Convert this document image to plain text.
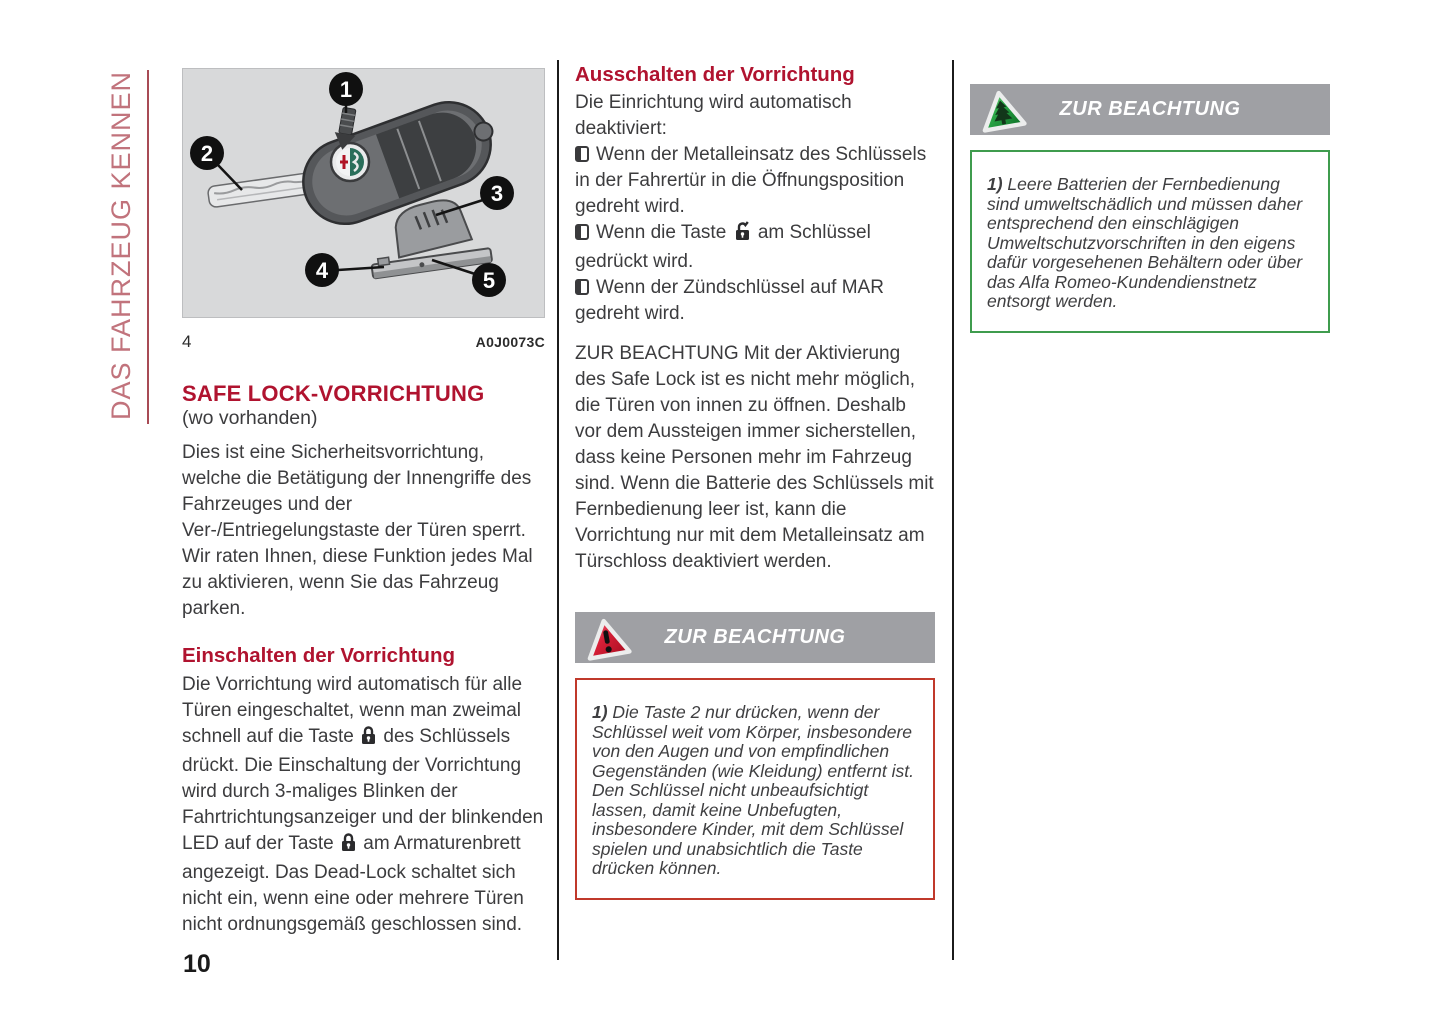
DAS FAHRZEUG KENNEN	1
2
3
4	5
4	A0J0073C
SAFE LOCK-VORRICHTUNG
(wo vorhanden)

Dies ist eine Sicherheitsvorrichtung, welche die Betätigung der Innengriffe des Fahrzeuges und der Ver-/Entriegelungstaste der Türen sperrt. Wir raten Ihnen, diese Funktion jedes Mal zu aktivieren, wenn Sie das Fahrzeug parken.

Einschalten der Vorrichtung

Die Vorrichtung wird automatisch für alle Türen eingeschaltet, wenn man zweimal schnell auf die Taste  des Schlüssels drückt. Die Einschaltung der Vorrichtung wird durch 3-maliges Blinken der Fahrtrichtungsanzeiger und der blinkenden LED auf der Taste  am Armaturenbrett angezeigt. Das Dead-Lock schaltet sich nicht ein, wenn eine oder mehrere Türen nicht ordnungsgemäß geschlossen sind.

Ausschalten der Vorrichtung

Die Einrichtung wird automatisch deaktiviert:

Wenn der Metalleinsatz des Schlüssels in der Fahrertür in die Öffnungsposition gedreht wird.

Wenn die Taste  am Schlüssel gedrückt wird.

Wenn der Zündschlüssel auf MAR gedreht wird.

ZUR BEACHTUNG Mit der Aktivierung des Safe Lock ist es nicht mehr möglich, die Türen von innen zu öffnen. Deshalb vor dem Aussteigen immer sicherstellen, dass keine Personen mehr im Fahrzeug sind. Wenn die Batterie des Schlüssels mit Fernbedienung leer ist, kann die Vorrichtung nur mit dem Metalleinsatz am Türschloss deaktiviert werden.

ZUR BEACHTUNG
1) Die Taste 2 nur drücken, wenn der Schlüssel weit vom Körper, insbesondere von den Augen und von empfindlichen Gegenständen (wie Kleidung) entfernt ist. Den Schlüssel nicht unbeaufsichtigt lassen, damit keine Unbefugten, insbesondere Kinder, mit dem Schlüssel spielen und unabsichtlich die Taste drücken können.
ZUR BEACHTUNG
1) Leere Batterien der Fernbedienung sind umweltschädlich und müssen daher entsprechend den einschlägigen Umweltschutzvorschriften in den eigens dafür vorgesehenen Behältern oder über das Alfa Romeo-Kundendienstnetz entsorgt werden.
10
